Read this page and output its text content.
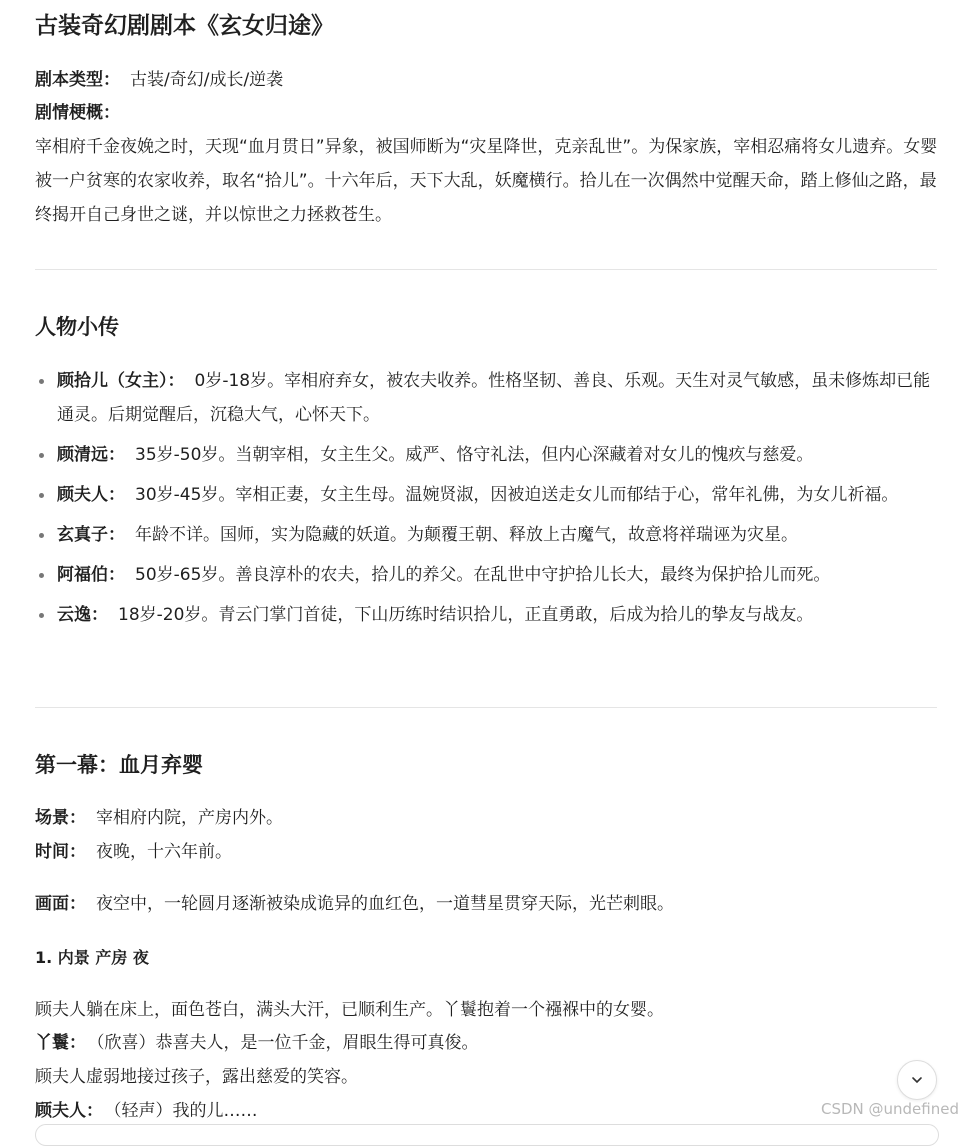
古装奇幻剧剧本《玄女归途》
剧本类型： 古装/奇幻/成长/逆袭
剧情梗概：
宰相府千金夜娩之时，天现“血月贯日”异象，被国师断为“灾星降世，克亲乱世”。为保家族，宰相忍痛将女儿遗弃。女婴被一户贫寒的农家收养，取名“拾儿”。十六年后，天下大乱，妖魔横行。拾儿在一次偶然中觉醒天命，踏上修仙之路，最终揭开自己身世之谜，并以惊世之力拯救苍生。
人物小传
顾拾儿（女主）： 0岁-18岁。宰相府弃女，被农夫收养。性格坚韧、善良、乐观。天生对灵气敏感，虽未修炼却已能通灵。后期觉醒后，沉稳大气，心怀天下。
顾清远： 35岁-50岁。当朝宰相，女主生父。威严、恪守礼法，但内心深藏着对女儿的愧疚与慈爱。
顾夫人： 30岁-45岁。宰相正妻，女主生母。温婉贤淑，因被迫送走女儿而郁结于心，常年礼佛，为女儿祈福。
玄真子： 年龄不详。国师，实为隐藏的妖道。为颠覆王朝、释放上古魔气，故意将祥瑞诬为灾星。
阿福伯： 50岁-65岁。善良淳朴的农夫，拾儿的养父。在乱世中守护拾儿长大，最终为保护拾儿而死。
云逸： 18岁-20岁。青云门掌门首徒，下山历练时结识拾儿，正直勇敢，后成为拾儿的挚友与战友。
第一幕：血月弃婴
场景： 宰相府内院，产房内外。
时间： 夜晚，十六年前。
画面： 夜空中，一轮圆月逐渐被染成诡异的血红色，一道彗星贯穿天际，光芒刺眼。
1. 内景 产房 夜
顾夫人躺在床上，面色苍白，满头大汗，已顺利生产。丫鬟抱着一个襁褓中的女婴。
丫鬟： （欣喜）恭喜夫人，是一位千金，眉眼生得可真俊。
顾夫人虚弱地接过孩子，露出慈爱的笑容。
顾夫人： （轻声）我的儿……	CSDN @undefined
